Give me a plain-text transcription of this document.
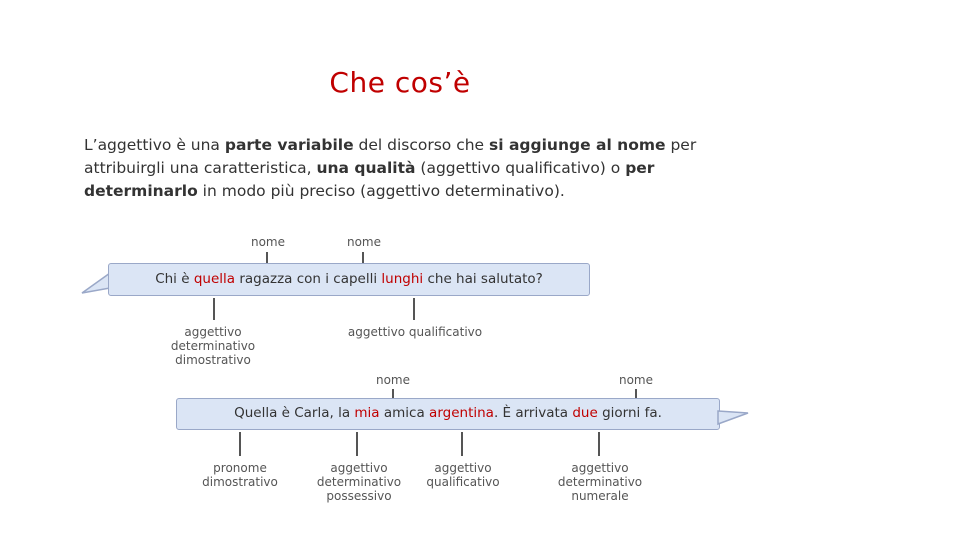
Che cos’è
L’aggettivo è una parte variabile del discorso che si aggiunge al nome per attribuirgli una caratteristica, una qualità (aggettivo qualificativo) o per determinarlo in modo più preciso (aggettivo determinativo).
nome	nome
Chi è quella ragazza con i capelli lunghi che hai salutato?
aggettivo determinativo dimostrativo
aggettivo qualificativo
nome	nome
Quella è Carla, la mia amica argentina. È arrivata due giorni fa.
pronome dimostrativo
aggettivo determinativo possessivo
aggettivo qualificativo
aggettivo determinativo numerale
